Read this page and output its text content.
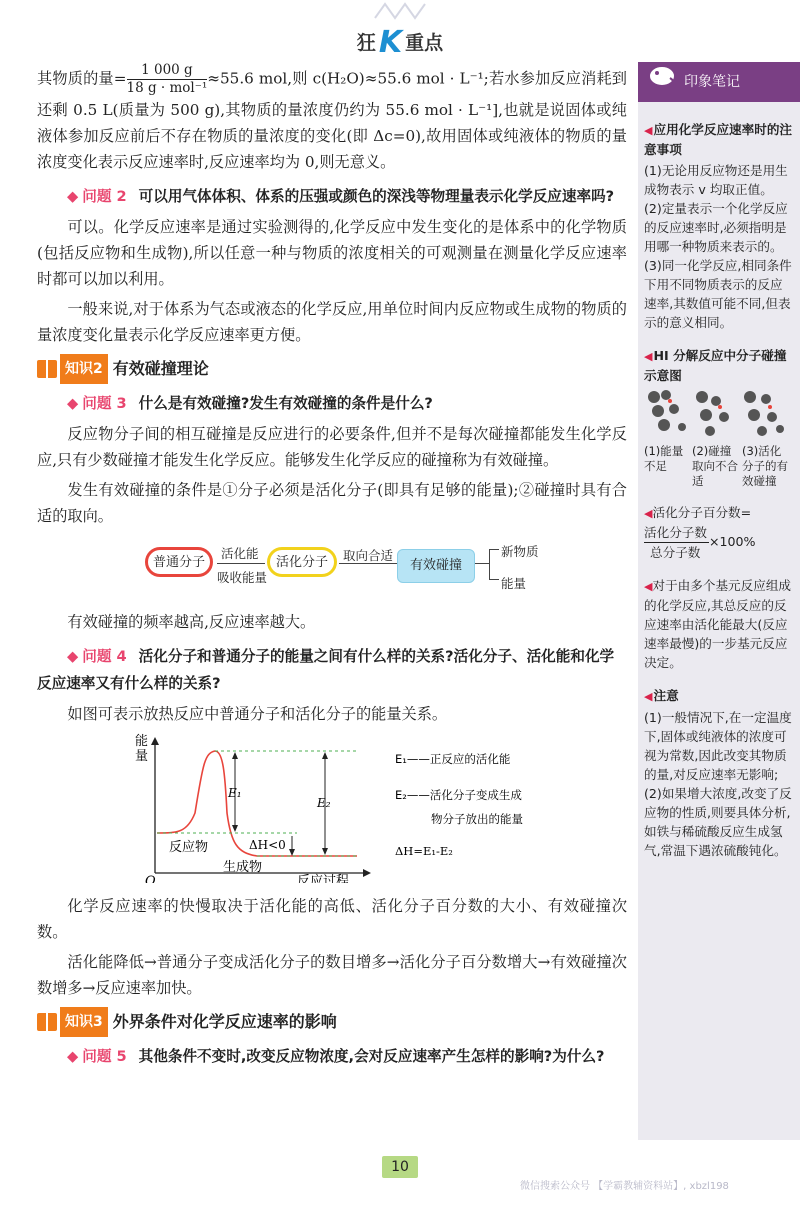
狂 K 重点
其物质的量= $\frac{1 000 g}{\text{18 g · mol⁻¹}} \approx 55.6$ mol,则 c(H₂O)≈55.6 mol · L⁻¹;若水参加反应消耗到还剩 0.5 L(质量为 500 g),其物质的量浓度仍约为 55.6 mol · L⁻¹],也就是说固体或纯液体参加反应前后不存在物质的量浓度的变化(即 Δc=0),故用固体或纯液体的物质的量浓度变化表示反应速率时,反应速率均为 0,则无意义。
◆ 问题 2 可以用气体体积、体系的压强或颜色的深浅等物理量表示化学反应速率吗?
可以。化学反应速率是通过实验测得的,化学反应中发生变化的是体系中的化学物质(包括反应物和生成物),所以任意一种与物质的浓度相关的可观测量在测量化学反应速率时都可以加以利用。
一般来说,对于体系为气态或液态的化学反应,用单位时间内反应物或生成物的物质的量浓度变化量表示化学反应速率更方便。
知识2 有效碰撞理论
◆ 问题 3 什么是有效碰撞?发生有效碰撞的条件是什么?
反应物分子间的相互碰撞是反应进行的必要条件,但并不是每次碰撞都能发生化学反应,只有少数碰撞才能发生化学反应。能够发生化学反应的碰撞称为有效碰撞。
发生有效碰撞的条件是①分子必须是活化分子(即具有足够的能量);②碰撞时具有合适的取向。
普通分子
活化能
吸收能量
活化分子	取向合适
有效碰撞
新物质
能量
有效碰撞的频率越高,反应速率越大。
◆ 问题 4 活化分子和普通分子的能量之间有什么样的关系?活化分子、活化能和化学反应速率又有什么样的关系?
如图可表示放热反应中普通分子和活化分子的能量关系。
能
量
O	反应过程
反应物
生成物
E₁
E₂
ΔH<0
E₁——正反应的活化能
E₂——活化分子变成生成
物分子放出的能量
ΔH=E₁-E₂
化学反应速率的快慢取决于活化能的高低、活化分子百分数的大小、有效碰撞次数。
活化能降低→普通分子变成活化分子的数目增多→活化分子百分数增大→有效碰撞次数增多→反应速率加快。
知识3 外界条件对化学反应速率的影响
◆ 问题 5 其他条件不变时,改变反应物浓度,会对反应速率产生怎样的影响?为什么?
印象笔记
◀应用化学反应速率时的注意事项
(1)无论用反应物还是用生成物表示 v 均取正值。
(2)定量表示一个化学反应的反应速率时,必须指明是用哪一种物质来表示的。
(3)同一化学反应,相同条件下用不同物质表示的反应速率,其数值可能不同,但表示的意义相同。
◀HI 分解反应中分子碰撞示意图
(1)能量不足
(2)碰撞取向不合适
(3)活化分子的有效碰撞
◀活化分子百分数=
$\frac{\text{活化分子数}}{\text{总分子数}} \times 100\%$
◀对于由多个基元反应组成的化学反应,其总反应的反应速率由活化能最大(反应速率最慢)的一步基元反应决定。
◀注意
(1)一般情况下,在一定温度下,固体或纯液体的浓度可视为常数,因此改变其物质的量,对反应速率无影响;
(2)如果增大浓度,改变了反应物的性质,则要具体分析,如铁与稀硫酸反应生成氢气,常温下遇浓硫酸钝化。
10
微信搜索公众号 【学霸教辅资料站】, xbzl198
